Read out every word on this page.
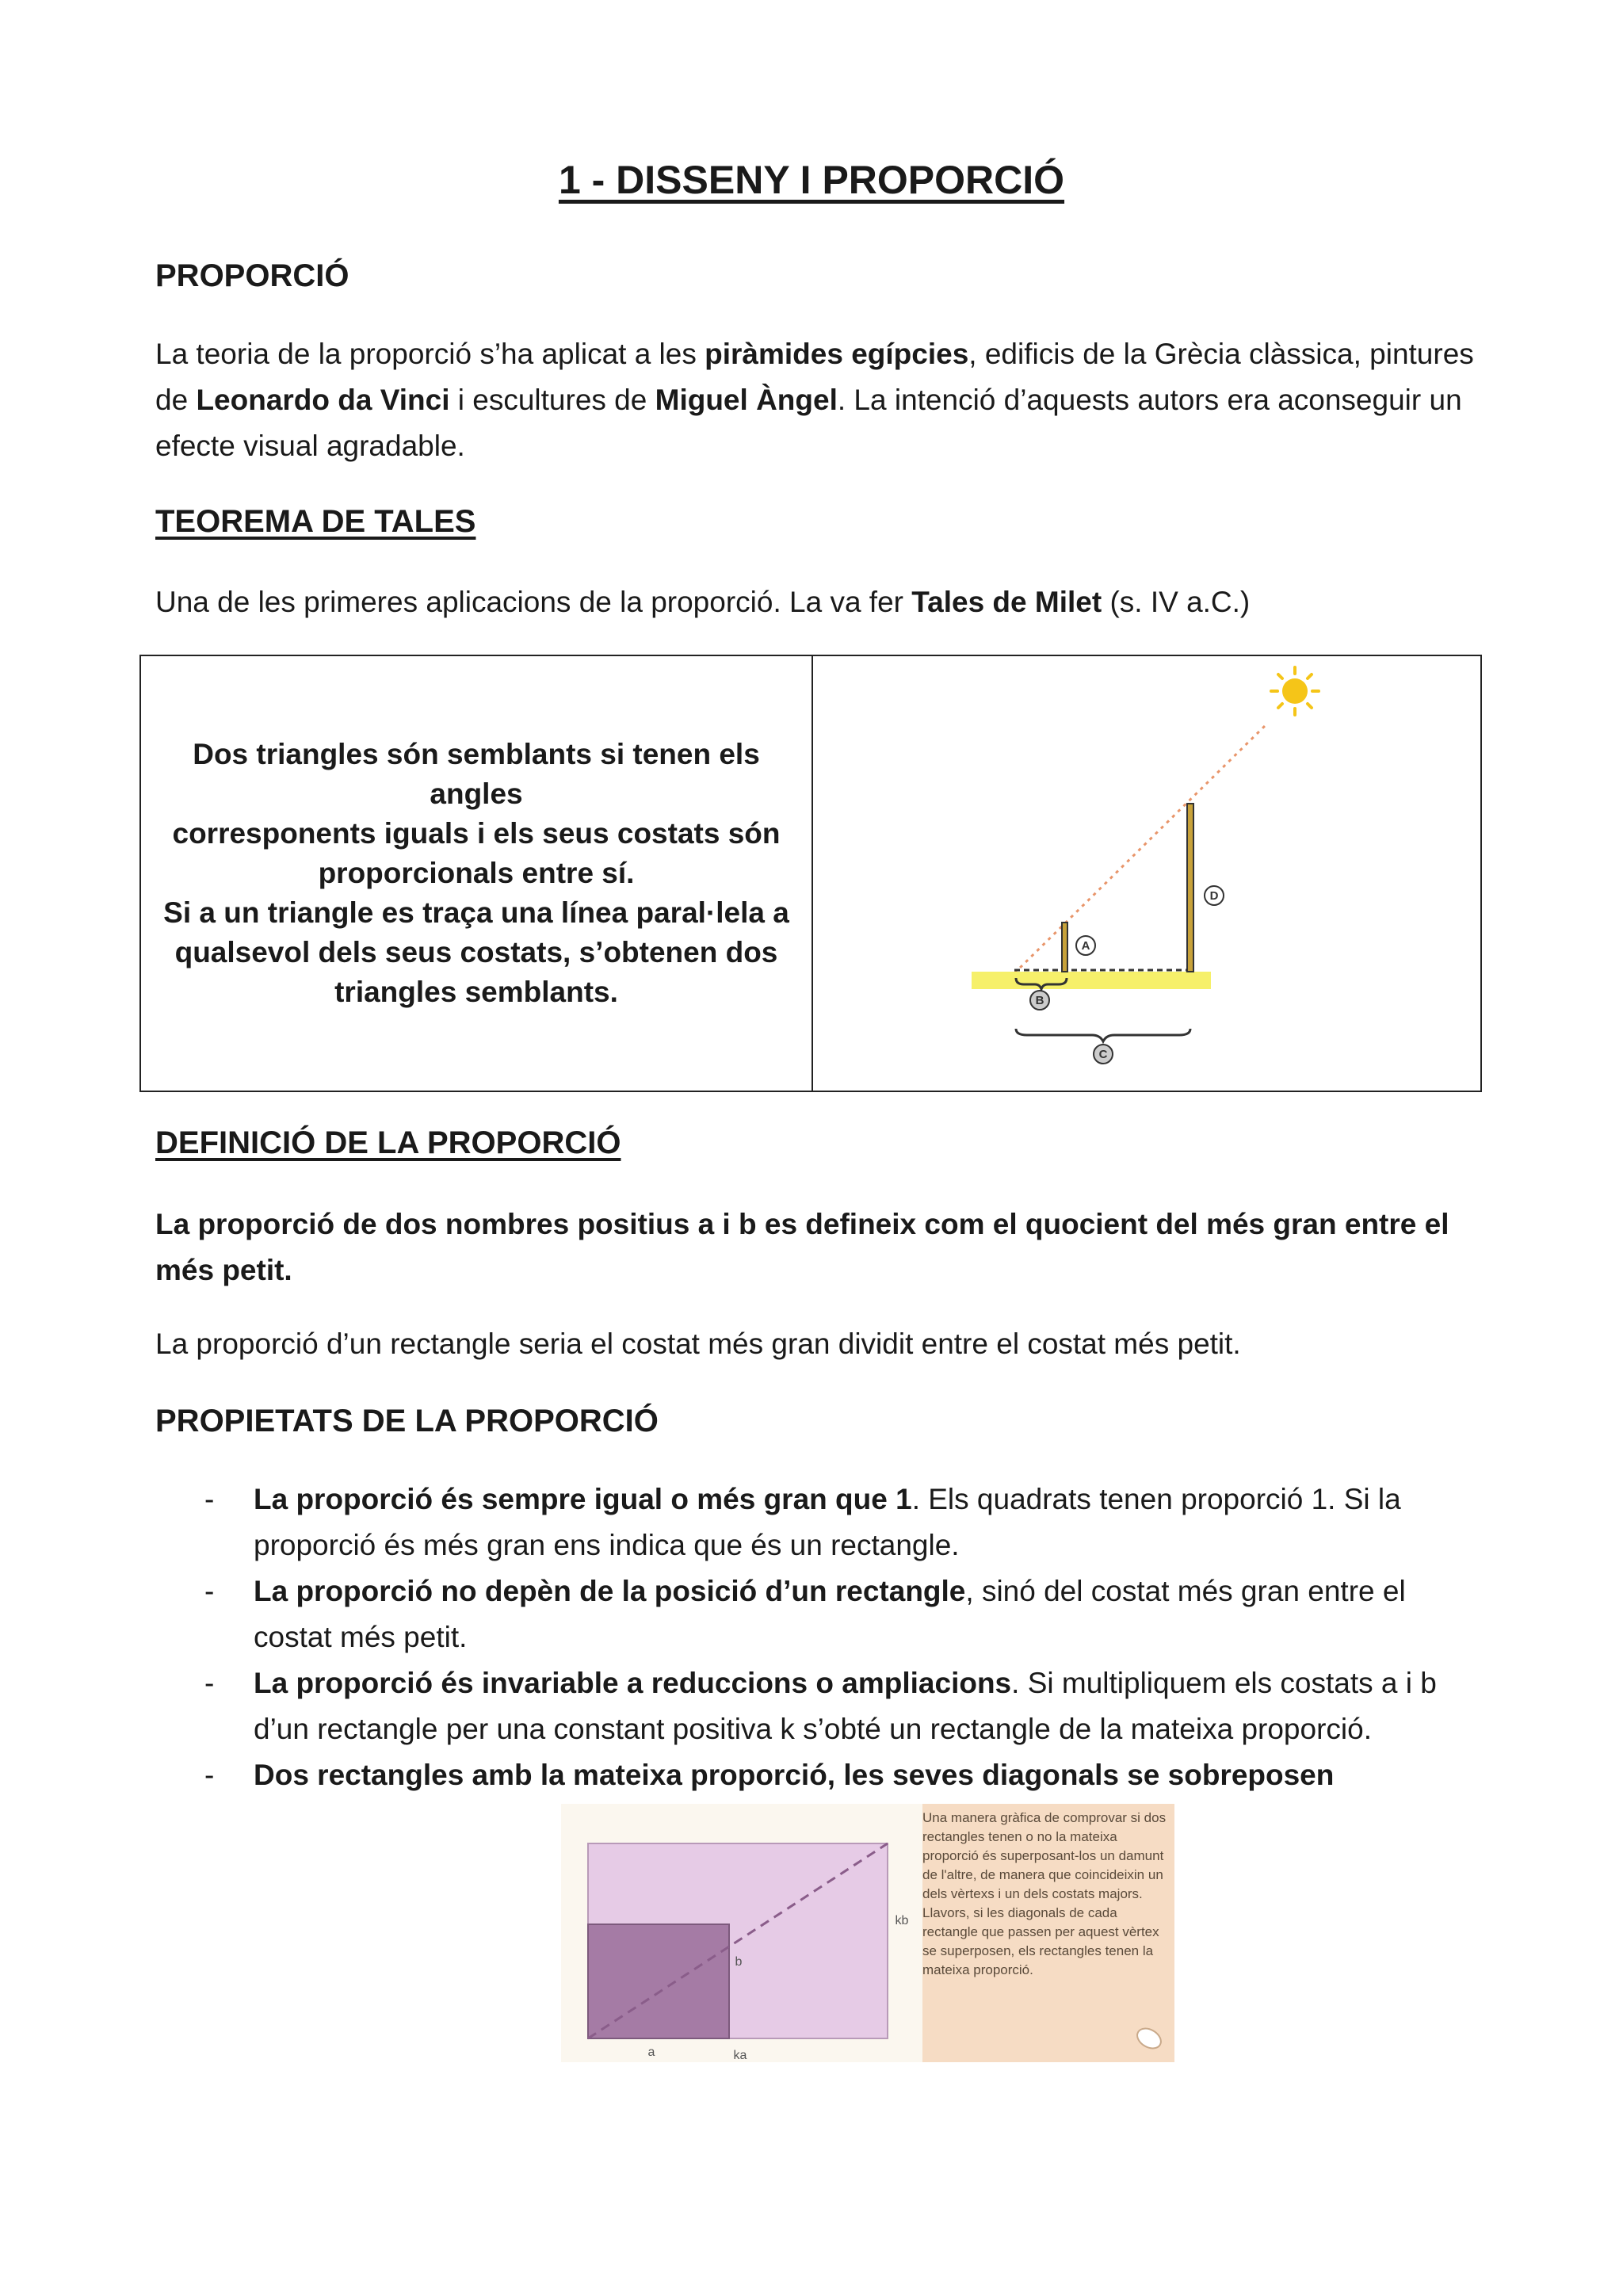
1 - DISSENY I PROPORCIÓ
PROPORCIÓ
La teoria de la proporció s’ha aplicat a les piràmides egípcies, edificis de la Grècia clàssica, pintures de Leonardo da Vinci i escultures de Miguel Àngel. La intenció d’aquests autors era aconseguir un efecte visual agradable.
TEOREMA DE TALES
Una de les primeres aplicacions de la proporció. La va fer Tales de Milet (s. IV a.C.)
Dos triangles són semblants si tenen els angles
corresponents iguals i els seus costats són
proporcionals entre sí.
Si a un triangle es traça una línea paral·lela a
qualsevol dels seus costats, s’obtenen dos
triangles semblants.
A
B
C
D
DEFINICIÓ DE LA PROPORCIÓ
La proporció de dos nombres positius a i b es defineix com el quocient del més gran entre el més petit.
La proporció d’un rectangle seria el costat més gran dividit entre el costat més petit.
PROPIETATS DE LA PROPORCIÓ
- La proporció és sempre igual o més gran que 1. Els quadrats tenen proporció 1. Si la proporció és més gran ens indica que és un rectangle.
- La proporció no depèn de la posició d’un rectangle, sinó del costat més gran entre el costat més petit.
- La proporció és invariable a reduccions o ampliacions. Si multipliquem els costats a i b d’un rectangle per una constant positiva k s’obté un rectangle de la mateixa proporció.
- Dos rectangles amb la mateixa proporció, les seves diagonals se sobreposen
a	ka
b
kb
Una manera gràfica de comprovar si dos rectangles tenen o no la mateixa proporció és superposant-los un damunt de l'altre, de manera que coincideixin un dels vèrtexs i un dels costats majors. Llavors, si les diagonals de cada rectangle que passen per aquest vèrtex se superposen, els rectangles tenen la mateixa proporció.
